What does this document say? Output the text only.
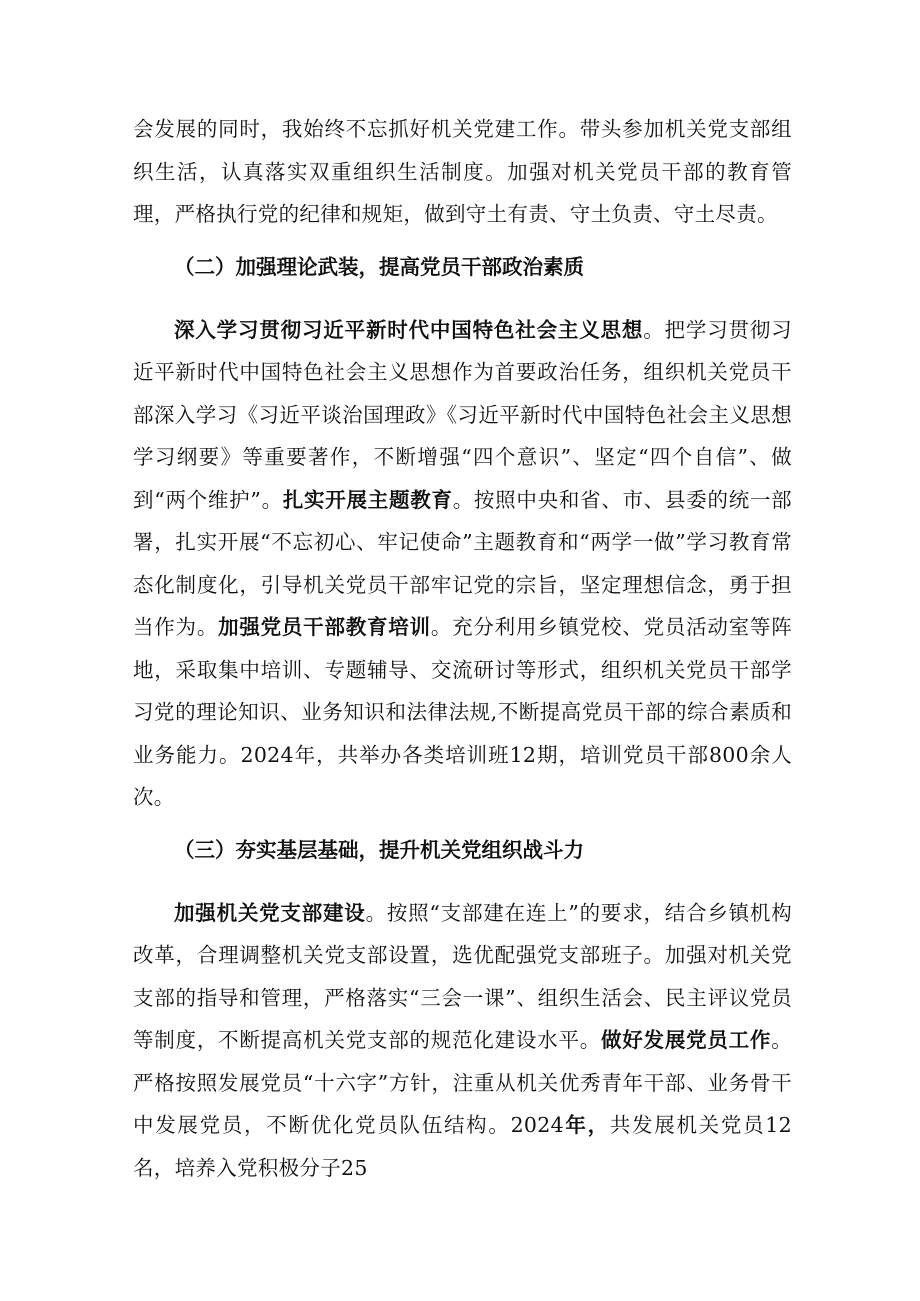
会发展的同时，我始终不忘抓好机关党建工作。带头参加机关党支部组织生活，认真落实双重组织生活制度。加强对机关党员干部的教育管理，严格执行党的纪律和规矩，做到守土有责、守土负责、守土尽责。

（二）加强理论武装，提高党员干部政治素质

深入学习贯彻习近平新时代中国特色社会主义思想。把学习贯彻习近平新时代中国特色社会主义思想作为首要政治任务，组织机关党员干部深入学习《习近平谈治国理政》《习近平新时代中国特色社会主义思想学习纲要》等重要著作，不断增强“四个意识”、坚定“四个自信”、做到“两个维护”。扎实开展主题教育。按照中央和省、市、县委的统一部署，扎实开展“不忘初心、牢记使命”主题教育和“两学一做”学习教育常态化制度化，引导机关党员干部牢记党的宗旨，坚定理想信念，勇于担当作为。加强党员干部教育培训。充分利用乡镇党校、党员活动室等阵地，采取集中培训、专题辅导、交流研讨等形式，组织机关党员干部学习党的理论知识、业务知识和法律法规,不断提高党员干部的综合素质和业务能力。2024年，共举办各类培训班12期，培训党员干部800余人次。

（三）夯实基层基础，提升机关党组织战斗力

加强机关党支部建设。按照“支部建在连上”的要求，结合乡镇机构改革，合理调整机关党支部设置，选优配强党支部班子。加强对机关党支部的指导和管理，严格落实“三会一课”、组织生活会、民主评议党员等制度，不断提高机关党支部的规范化建设水平。做好发展党员工作。严格按照发展党员“十六字”方针，注重从机关优秀青年干部、业务骨干中发展党员，不断优化党员队伍结构。2024年，共发展机关党员12名，培养入党积极分子25
